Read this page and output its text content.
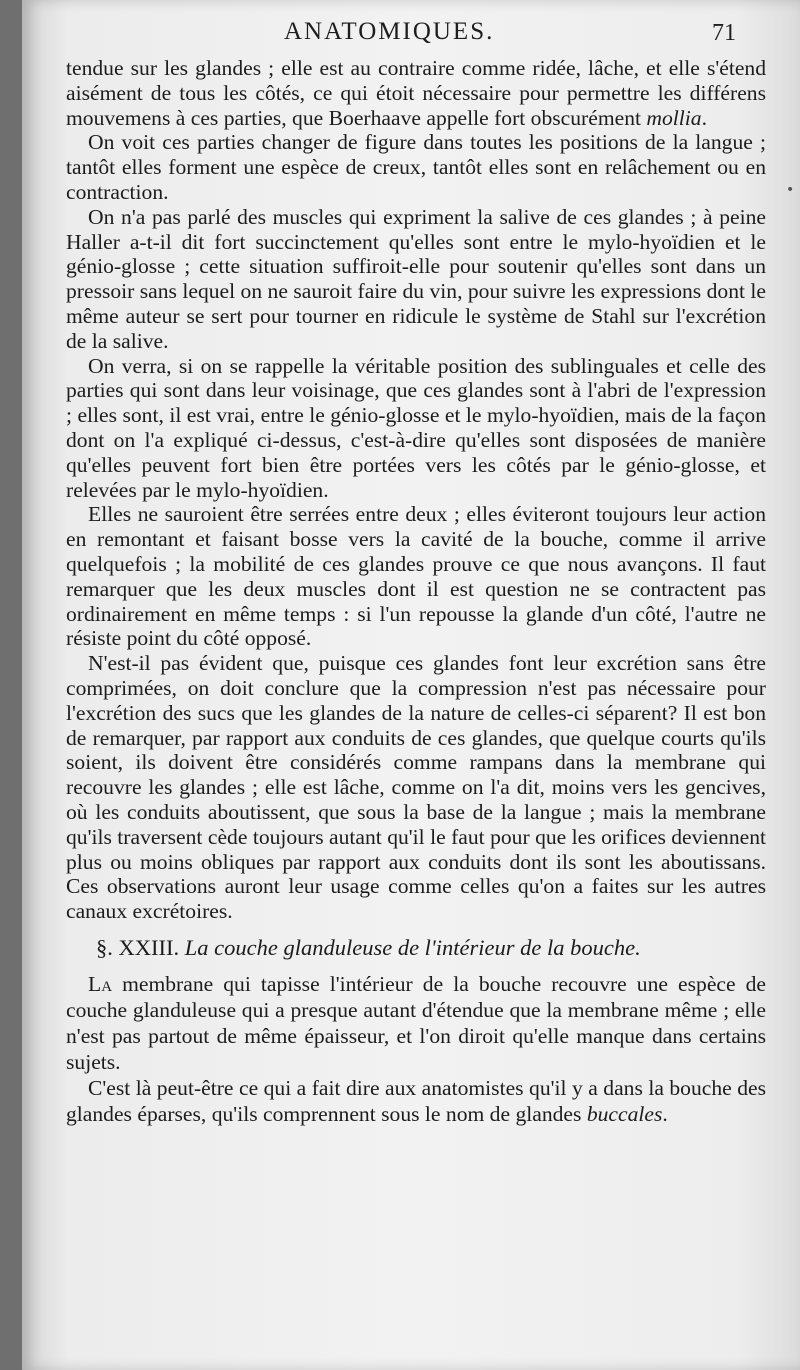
ANATOMIQUES.	71

tendue sur les glandes ; elle est au contraire comme ridée, lâche, et elle s'étend aisément de tous les côtés, ce qui étoit nécessaire pour permettre les différens mouvemens à ces parties, que Boerhaave appelle fort obscurément mollia.

On voit ces parties changer de figure dans toutes les positions de la langue ; tantôt elles forment une espèce de creux, tantôt elles sont en relâchement ou en contraction.

On n'a pas parlé des muscles qui expriment la salive de ces glandes ; à peine Haller a-t-il dit fort succinctement qu'elles sont entre le mylo-hyoïdien et le génio-glosse ; cette situation suffiroit-elle pour soutenir qu'elles sont dans un pressoir sans lequel on ne sauroit faire du vin, pour suivre les expressions dont le même auteur se sert pour tourner en ridicule le système de Stahl sur l'excrétion de la salive.

On verra, si on se rappelle la véritable position des sublinguales et celle des parties qui sont dans leur voisinage, que ces glandes sont à l'abri de l'expression ; elles sont, il est vrai, entre le génio-glosse et le mylo-hyoïdien, mais de la façon dont on l'a expliqué ci-dessus, c'est-à-dire qu'elles sont disposées de manière qu'elles peuvent fort bien être portées vers les côtés par le génio-glosse, et relevées par le mylo-hyoïdien.

Elles ne sauroient être serrées entre deux ; elles éviteront toujours leur action en remontant et faisant bosse vers la cavité de la bouche, comme il arrive quelquefois ; la mobilité de ces glandes prouve ce que nous avançons. Il faut remarquer que les deux muscles dont il est question ne se contractent pas ordinairement en même temps : si l'un repousse la glande d'un côté, l'autre ne résiste point du côté opposé.

N'est-il pas évident que, puisque ces glandes font leur excrétion sans être comprimées, on doit conclure que la compression n'est pas nécessaire pour l'excrétion des sucs que les glandes de la nature de celles-ci séparent? Il est bon de remarquer, par rapport aux conduits de ces glandes, que quelque courts qu'ils soient, ils doivent être considérés comme rampans dans la membrane qui recouvre les glandes ; elle est lâche, comme on l'a dit, moins vers les gencives, où les conduits aboutissent, que sous la base de la langue ; mais la membrane qu'ils traversent cède toujours autant qu'il le faut pour que les orifices deviennent plus ou moins obliques par rapport aux conduits dont ils sont les aboutissans. Ces observations auront leur usage comme celles qu'on a faites sur les autres canaux excrétoires.

§. XXIII. La couche glanduleuse de l'intérieur de la bouche.

La membrane qui tapisse l'intérieur de la bouche recouvre une espèce de couche glanduleuse qui a presque autant d'étendue que la membrane même ; elle n'est pas partout de même épaisseur, et l'on diroit qu'elle manque dans certains sujets.

C'est là peut-être ce qui a fait dire aux anatomistes qu'il y a dans la bouche des glandes éparses, qu'ils comprennent sous le nom de glandes buccales.

•
